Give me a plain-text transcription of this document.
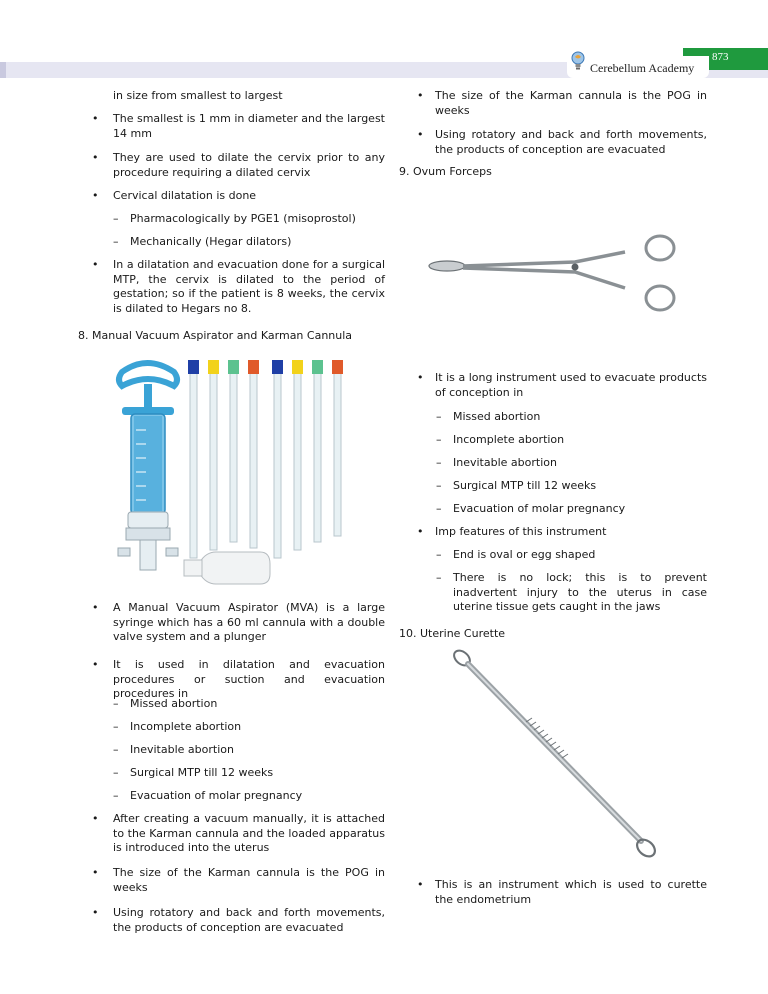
873
Cerebellum Academy

in size from smallest to largest

• The smallest is 1 mm in diameter and the largest 14 mm

• They are used to dilate the cervix prior to any procedure requiring a dilated cervix

• Cervical dilatation is done

– Pharmacologically by PGE1 (misoprostol)

– Mechanically (Hegar dilators)

• In a dilatation and evacuation done for a surgical MTP, the cervix is dilated to the period of gestation; so if the patient is 8 weeks, the cervix is dilated to Hegars no 8.

8. Manual Vacuum Aspirator and Karman Cannula

• A Manual Vacuum Aspirator (MVA) is a large syringe which has a 60 ml cannula with a double valve system and a plunger

• It is used in dilatation and evacuation procedures or suction and evacuation procedures in

– Missed abortion

– Incomplete abortion

– Inevitable abortion

– Surgical MTP till 12 weeks

– Evacuation of molar pregnancy

• After creating a vacuum manually, it is attached to the Karman cannula and the loaded apparatus is introduced into the uterus

• The size of the Karman cannula is the POG in weeks

• Using rotatory and back and forth movements, the products of conception are evacuated

• The size of the Karman cannula is the POG in weeks

• Using rotatory and back and forth movements, the products of conception are evacuated

9. Ovum Forceps

• It is a long instrument used to evacuate products of conception in

– Missed abortion

– Incomplete abortion

– Inevitable abortion

– Surgical MTP till 12 weeks

– Evacuation of molar pregnancy

• Imp features of this instrument

– End is oval or egg shaped

– There is no lock; this is to prevent inadvertent injury to the uterus in case uterine tissue gets caught in the jaws

10. Uterine Curette

• This is an instrument which is used to curette the endometrium
